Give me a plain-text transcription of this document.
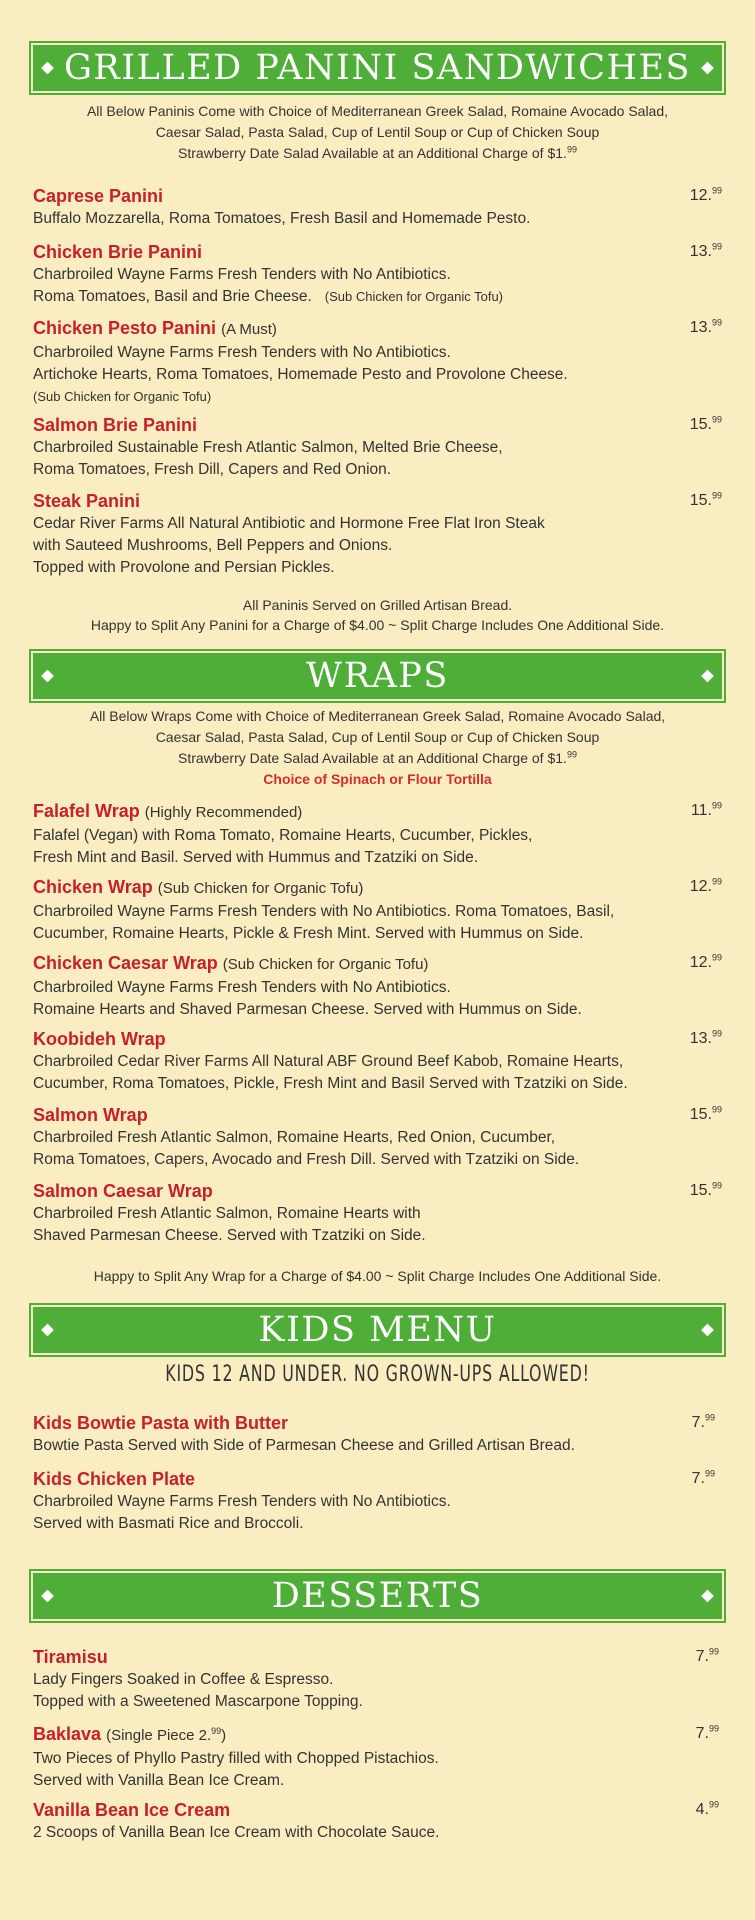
GRILLED PANINI SANDWICHES
All Below Paninis Come with Choice of Mediterranean Greek Salad, Romaine Avocado Salad,
Caesar Salad, Pasta Salad, Cup of Lentil Soup or Cup of Chicken Soup
Strawberry Date Salad Available at an Additional Charge of $1.99
Caprese Panini
Buffalo Mozzarella, Roma Tomatoes, Fresh Basil and Homemade Pesto.
12.99
Chicken Brie Panini
Charbroiled Wayne Farms Fresh Tenders with No Antibiotics.
Roma Tomatoes, Basil and Brie Cheese. (Sub Chicken for Organic Tofu)
13.99
Chicken Pesto Panini (A Must)
Charbroiled Wayne Farms Fresh Tenders with No Antibiotics.
Artichoke Hearts, Roma Tomatoes, Homemade Pesto and Provolone Cheese.
(Sub Chicken for Organic Tofu)
13.99
Salmon Brie Panini
Charbroiled Sustainable Fresh Atlantic Salmon, Melted Brie Cheese,
Roma Tomatoes, Fresh Dill, Capers and Red Onion.
15.99
Steak Panini
Cedar River Farms All Natural Antibiotic and Hormone Free Flat Iron Steak
with Sauteed Mushrooms, Bell Peppers and Onions.
Topped with Provolone and Persian Pickles.
15.99
All Paninis Served on Grilled Artisan Bread.
Happy to Split Any Panini for a Charge of $4.00 ~ Split Charge Includes One Additional Side.
WRAPS
All Below Wraps Come with Choice of Mediterranean Greek Salad, Romaine Avocado Salad,
Caesar Salad, Pasta Salad, Cup of Lentil Soup or Cup of Chicken Soup
Strawberry Date Salad Available at an Additional Charge of $1.99
Choice of Spinach or Flour Tortilla
Falafel Wrap (Highly Recommended)
Falafel (Vegan) with Roma Tomato, Romaine Hearts, Cucumber, Pickles,
Fresh Mint and Basil. Served with Hummus and Tzatziki on Side.
11.99
Chicken Wrap (Sub Chicken for Organic Tofu)
Charbroiled Wayne Farms Fresh Tenders with No Antibiotics. Roma Tomatoes, Basil,
Cucumber, Romaine Hearts, Pickle & Fresh Mint. Served with Hummus on Side.
12.99
Chicken Caesar Wrap (Sub Chicken for Organic Tofu)
Charbroiled Wayne Farms Fresh Tenders with No Antibiotics.
Romaine Hearts and Shaved Parmesan Cheese. Served with Hummus on Side.
12.99
Koobideh Wrap
Charbroiled Cedar River Farms All Natural ABF Ground Beef Kabob, Romaine Hearts,
Cucumber, Roma Tomatoes, Pickle, Fresh Mint and Basil Served with Tzatziki on Side.
13.99
Salmon Wrap
Charbroiled Fresh Atlantic Salmon, Romaine Hearts, Red Onion, Cucumber,
Roma Tomatoes, Capers, Avocado and Fresh Dill. Served with Tzatziki on Side.
15.99
Salmon Caesar Wrap
Charbroiled Fresh Atlantic Salmon, Romaine Hearts with
Shaved Parmesan Cheese. Served with Tzatziki on Side.
15.99
Happy to Split Any Wrap for a Charge of $4.00 ~ Split Charge Includes One Additional Side.
KIDS MENU
KIDS 12 AND UNDER. NO GROWN-UPS ALLOWED!
Kids Bowtie Pasta with Butter
Bowtie Pasta Served with Side of Parmesan Cheese and Grilled Artisan Bread.
7.99
Kids Chicken Plate
Charbroiled Wayne Farms Fresh Tenders with No Antibiotics.
Served with Basmati Rice and Broccoli.
7.99
DESSERTS
Tiramisu
Lady Fingers Soaked in Coffee & Espresso.
Topped with a Sweetened Mascarpone Topping.
7.99
Baklava (Single Piece 2.99)
Two Pieces of Phyllo Pastry filled with Chopped Pistachios.
Served with Vanilla Bean Ice Cream.
7.99
Vanilla Bean Ice Cream
2 Scoops of Vanilla Bean Ice Cream with Chocolate Sauce.
4.99
